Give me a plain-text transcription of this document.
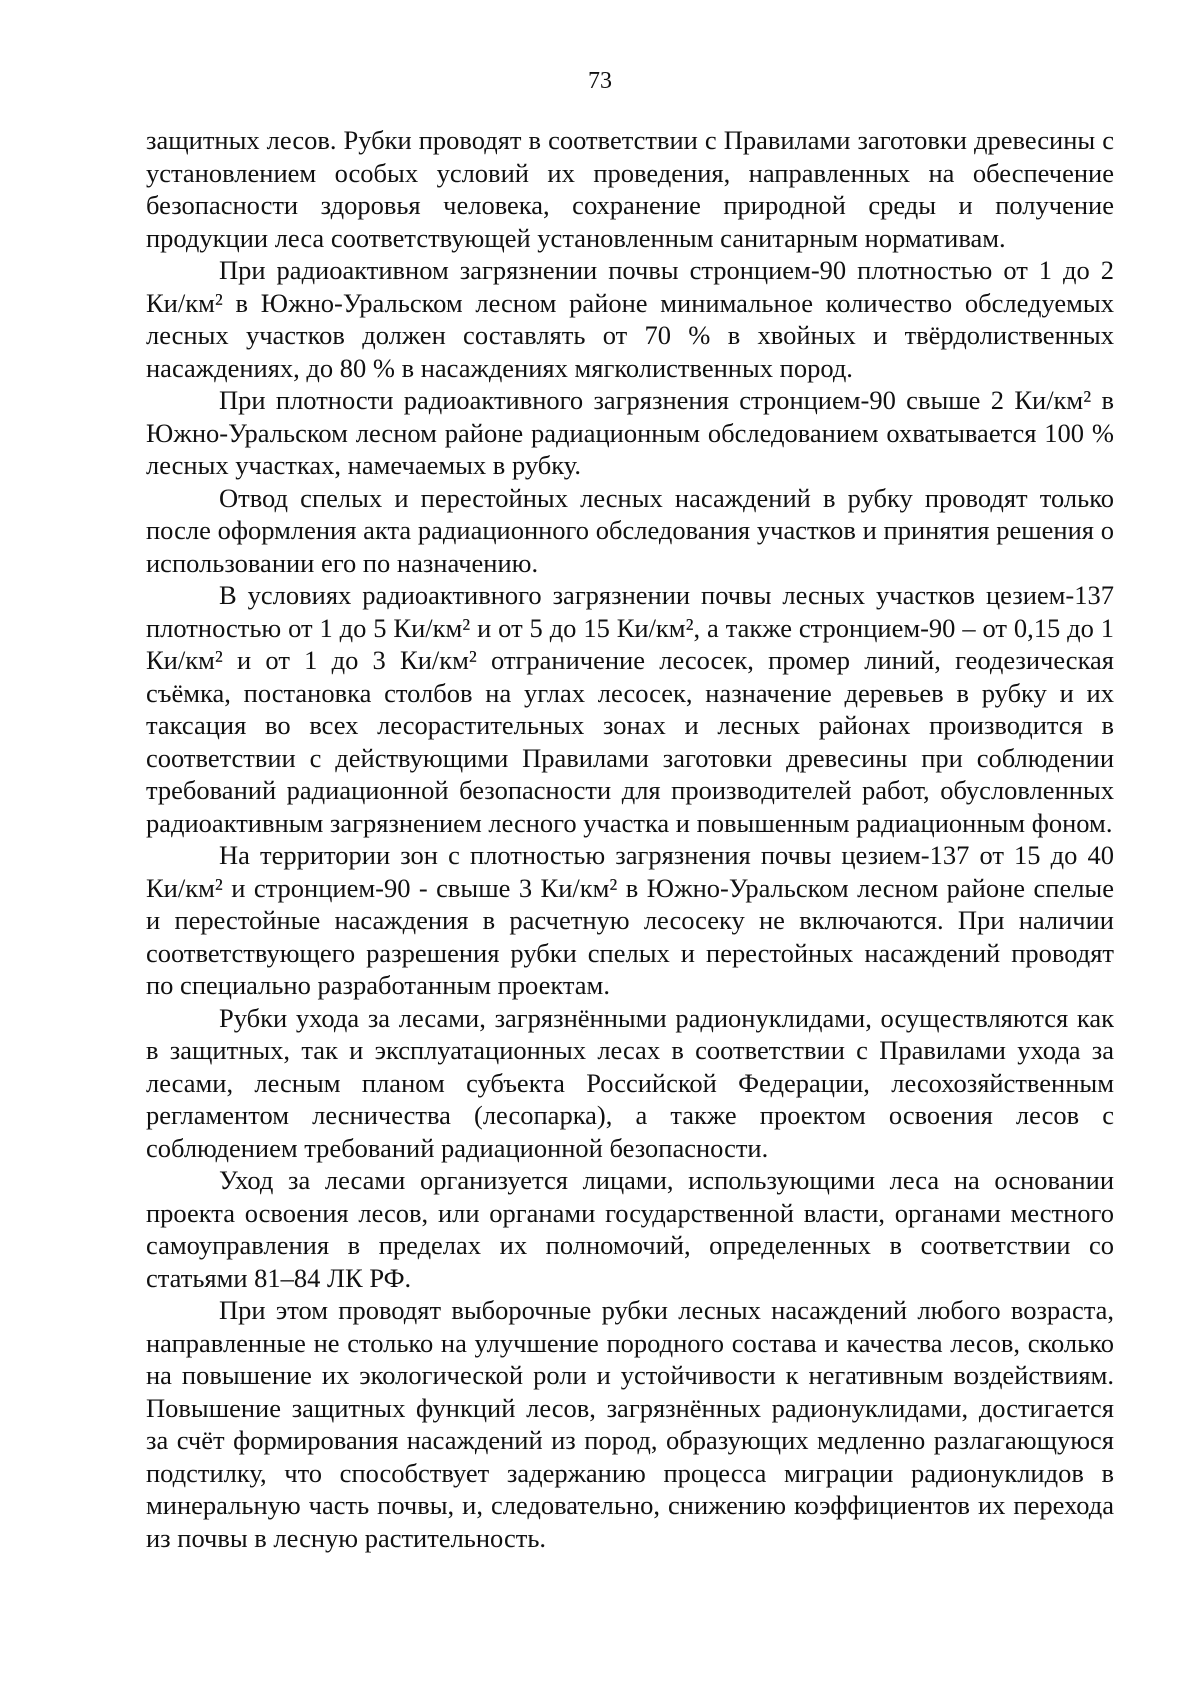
73

защитных лесов. Рубки проводят в соответствии с Правилами заготовки древесины с установлением особых условий их проведения, направленных на обеспечение безопасности здоровья человека, сохранение природной среды и получение продукции леса соответствующей установленным санитарным нормативам.

При радиоактивном загрязнении почвы стронцием-90 плотностью от 1 до 2 Ки/км² в Южно-Уральском лесном районе минимальное количество обследуемых лесных участков должен составлять от 70 % в хвойных и твёрдолиственных насаждениях, до 80 % в насаждениях мягколиственных пород.

При плотности радиоактивного загрязнения стронцием-90 свыше 2 Ки/км² в Южно-Уральском лесном районе радиационным обследованием охватывается 100 % лесных участках, намечаемых в рубку.

Отвод спелых и перестойных лесных насаждений в рубку проводят только после оформления акта радиационного обследования участков и принятия решения о использовании его по назначению.

В условиях радиоактивного загрязнении почвы лесных участков цезием-137 плотностью от 1 до 5 Ки/км² и от 5 до 15 Ки/км², а также стронцием-90 – от 0,15 до 1 Ки/км² и от 1 до 3 Ки/км² отграничение лесосек, промер линий, геодезическая съёмка, постановка столбов на углах лесосек, назначение деревьев в рубку и их таксация во всех лесорастительных зонах и лесных районах производится в соответствии с действующими Правилами заготовки древесины при соблюдении требований радиационной безопасности для производителей работ, обусловленных радиоактивным загрязнением лесного участка и повышенным радиационным фоном.

На территории зон с плотностью загрязнения почвы цезием-137 от 15 до 40 Ки/км² и стронцием-90 - свыше 3 Ки/км² в Южно-Уральском лесном районе спелые и перестойные насаждения в расчетную лесосеку не включаются. При наличии соответствующего разрешения рубки спелых и перестойных насаждений проводят по специально разработанным проектам.

Рубки ухода за лесами, загрязнёнными радионуклидами, осуществляются как в защитных, так и эксплуатационных лесах в соответствии с Правилами ухода за лесами, лесным планом субъекта Российской Федерации, лесохозяйственным регламентом лесничества (лесопарка), а также проектом освоения лесов с соблюдением требований радиационной безопасности.

Уход за лесами организуется лицами, использующими леса на основании проекта освоения лесов, или органами государственной власти, органами местного самоуправления в пределах их полномочий, определенных в соответствии со статьями 81–84 ЛК РФ.

При этом проводят выборочные рубки лесных насаждений любого возраста, направленные не столько на улучшение породного состава и качества лесов, сколько на повышение их экологической роли и устойчивости к негативным воздействиям. Повышение защитных функций лесов, загрязнённых радионуклидами, достигается за счёт формирования насаждений из пород, образующих медленно разлагающуюся подстилку, что способствует задержанию процесса миграции радионуклидов в минеральную часть почвы, и, следовательно, снижению коэффициентов их перехода из почвы в лесную растительность.
